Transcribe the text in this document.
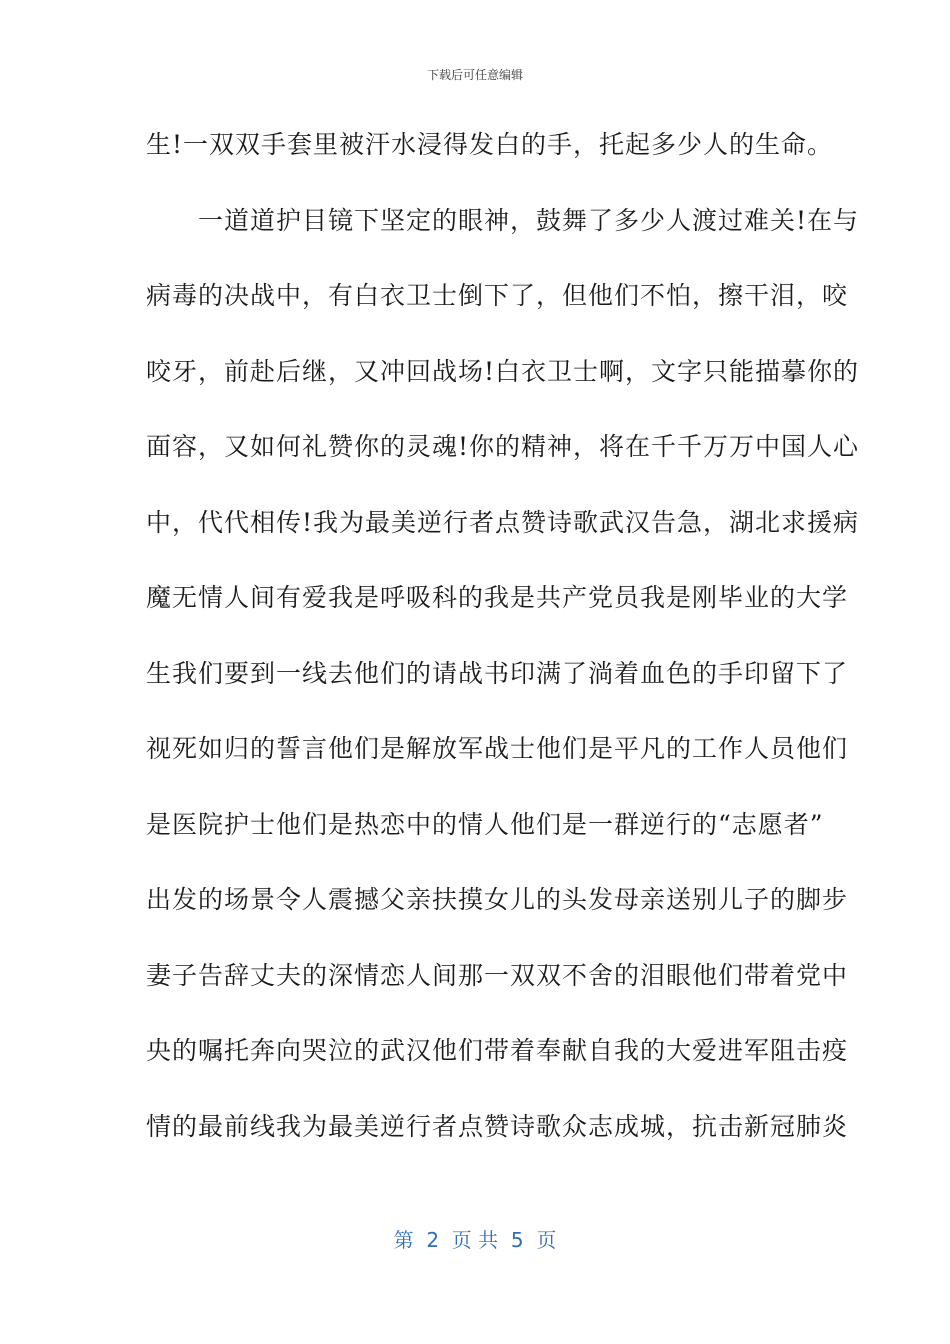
下载后可任意编辑
生!一双双手套里被汗水浸得发白的手，托起多少人的生命。
　　一道道护目镜下坚定的眼神，鼓舞了多少人渡过难关!在与
病毒的决战中，有白衣卫士倒下了，但他们不怕，擦干泪，咬
咬牙，前赴后继，又冲回战场!白衣卫士啊，文字只能描摹你的
面容，又如何礼赞你的灵魂!你的精神，将在千千万万中国人心
中，代代相传!我为最美逆行者点赞诗歌武汉告急，湖北求援病
魔无情人间有爱我是呼吸科的我是共产党员我是刚毕业的大学
生我们要到一线去他们的请战书印满了淌着血色的手印留下了
视死如归的誓言他们是解放军战士他们是平凡的工作人员他们
是医院护士他们是热恋中的情人他们是一群逆行的“志愿者”
出发的场景令人震撼父亲扶摸女儿的头发母亲送别儿子的脚步
妻子告辞丈夫的深情恋人间那一双双不舍的泪眼他们带着党中
央的嘱托奔向哭泣的武汉他们带着奉献自我的大爱进军阻击疫
情的最前线我为最美逆行者点赞诗歌众志成城，抗击新冠肺炎
第  2  页 共  5  页
